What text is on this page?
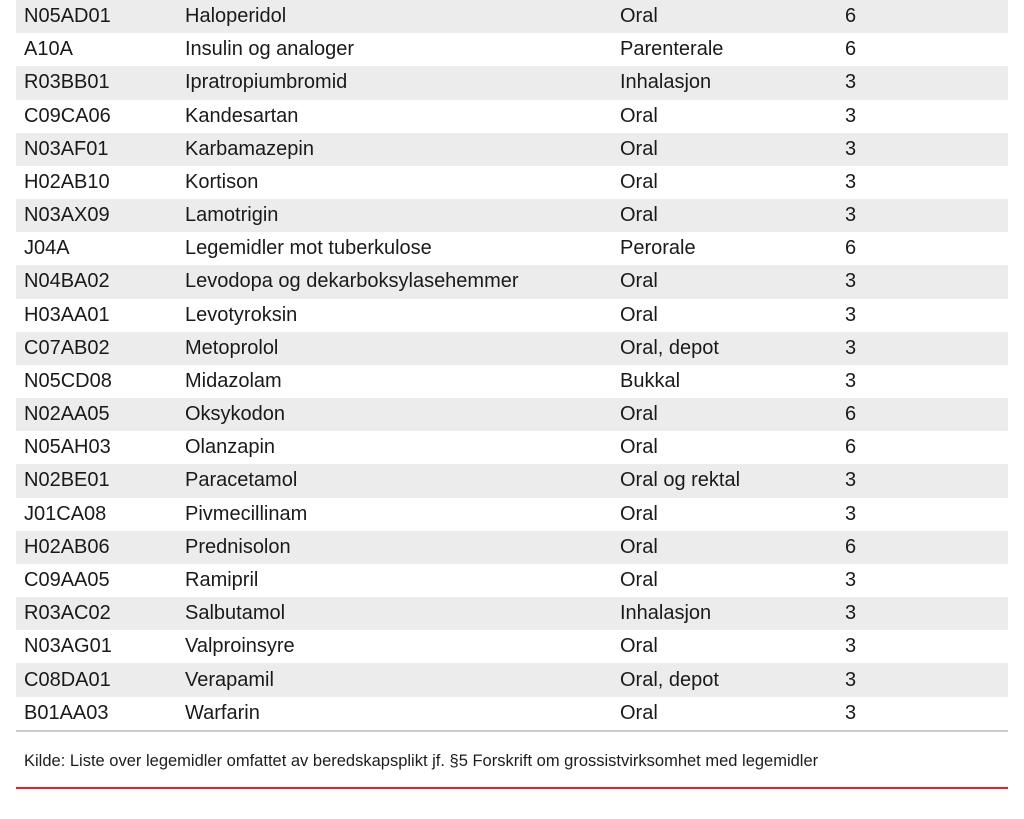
N05AD01	Haloperidol	Oral	6
A10A	Insulin og analoger	Parenterale	6
R03BB01	Ipratropiumbromid	Inhalasjon	3
C09CA06	Kandesartan	Oral	3
N03AF01	Karbamazepin	Oral	3
H02AB10	Kortison	Oral	3
N03AX09	Lamotrigin	Oral	3
J04A	Legemidler mot tuberkulose	Perorale	6
N04BA02	Levodopa og dekarboksylasehemmer	Oral	3
H03AA01	Levotyroksin	Oral	3
C07AB02	Metoprolol	Oral, depot	3
N05CD08	Midazolam	Bukkal	3
N02AA05	Oksykodon	Oral	6
N05AH03	Olanzapin	Oral	6
N02BE01	Paracetamol	Oral og rektal	3
J01CA08	Pivmecillinam	Oral	3
H02AB06	Prednisolon	Oral	6
C09AA05	Ramipril	Oral	3
R03AC02	Salbutamol	Inhalasjon	3
N03AG01	Valproinsyre	Oral	3
C08DA01	Verapamil	Oral, depot	3
B01AA03	Warfarin	Oral	3
Kilde: Liste over legemidler omfattet av beredskapsplikt jf. §5 Forskrift om grossistvirksomhet med legemidler
